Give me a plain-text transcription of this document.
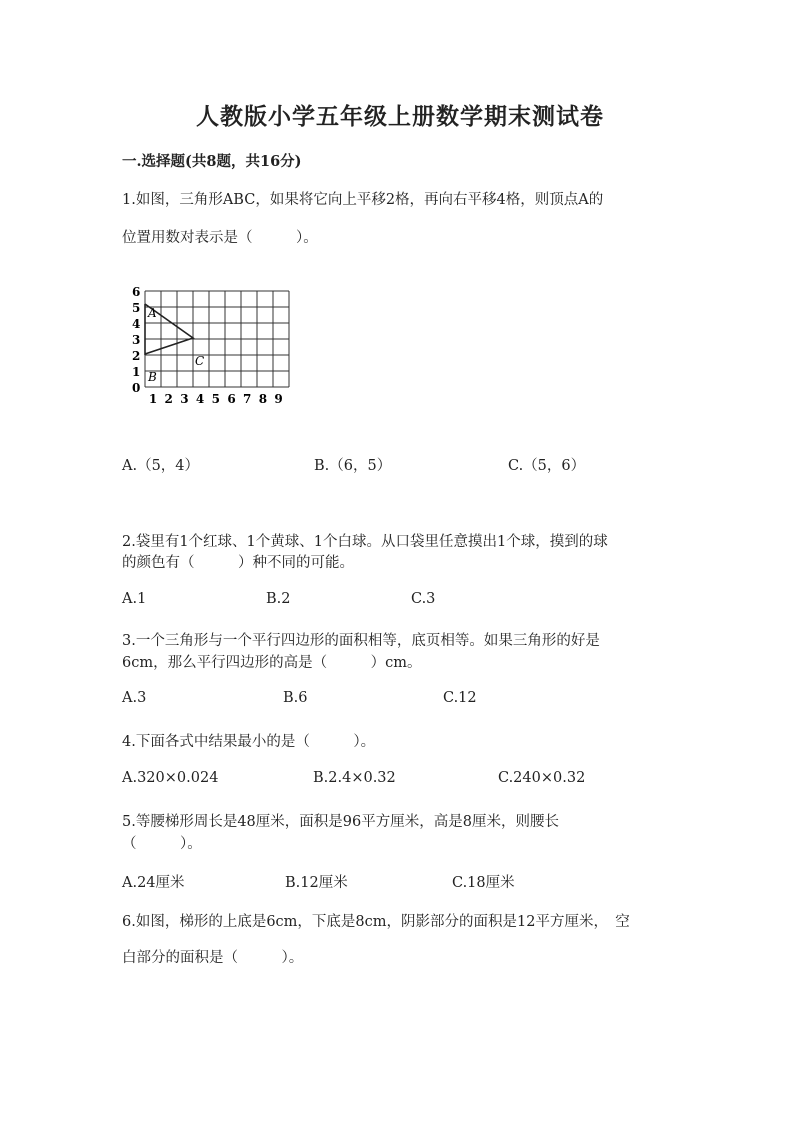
人教版小学五年级上册数学期末测试卷
一.选择题(共8题，共16分)
1.如图，三角形ABC，如果将它向上平移2格，再向右平移4格，则顶点A的
位置用数对表示是（　　　）。
0
1
2
3
4
5
6
1 2 3 4 5 6 7 8 9
A
B
C
A.（5，4）	B.（6，5）	C.（5，6）
2.袋里有1个红球、1个黄球、1个白球。从口袋里任意摸出1个球，摸到的球
的颜色有（　　　）种不同的可能。
A.1	B.2	C.3
3.一个三角形与一个平行四边形的面积相等，底页相等。如果三角形的好是
6cm，那么平行四边形的高是（　　　）cm。
A.3	B.6	C.12
4.下面各式中结果最小的是（　　　）。
A.320×0.024	B.2.4×0.32	C.240×0.32
5.等腰梯形周长是48厘米，面积是96平方厘米，高是8厘米，则腰长
（　　　）。
A.24厘米	B.12厘米	C.18厘米
6.如图，梯形的上底是6cm，下底是8cm，阴影部分的面积是12平方厘米，　空
白部分的面积是（　　　）。
